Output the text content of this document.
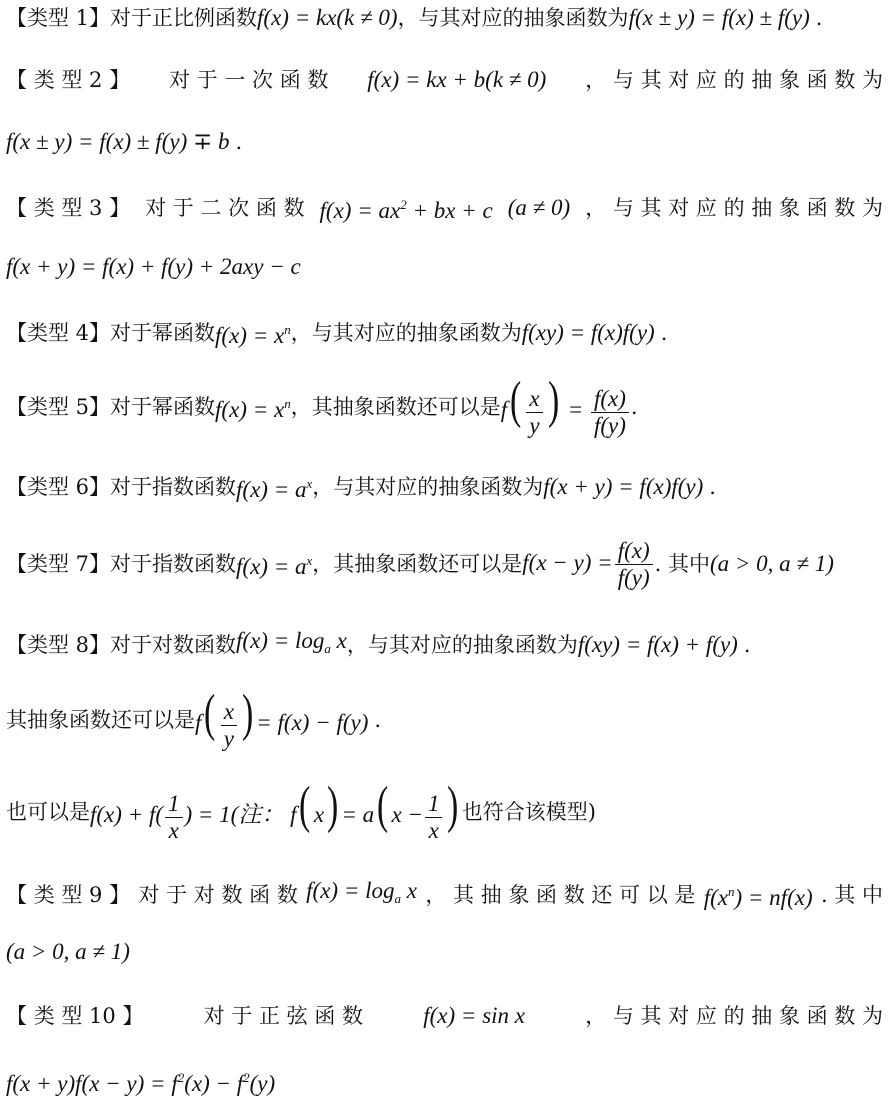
【 类型 1 】 对于正比例函数 f(x) = kx(k ≠ 0) ，与其对应的抽象函数为 f(x ± y) = f(x) ± f(y) .
【 类 型 2 】 对 于 一 次 函 数 f(x) = kx + b(k ≠ 0) ， 与 其 对 应 的 抽 象 函 数 为
f(x ± y) = f(x) ± f(y) ∓ b .
【 类 型 3 】 对 于 二 次 函 数 $f(x) = ax^2$ + bx + c (a ≠ 0) ， 与 其 对 应 的 抽 象 函 数 为
f(x + y) = f(x) + f(y) + 2axy − c
【 类型 4 】 对于幂函数 $f(x) = x^n$ ，与其对应的抽象函数为 f(xy) = f(x)f(y) .
【 类型 5 】 对于幂函数 $f(x) = x^n$ ，其抽象函数还可以是 $f( \frac{x}{y}$ ) = $\frac{f(x)}{f(y)}$ .
【 类型 6 】 对于指数函数 $f(x) = a^x$ ，与其对应的抽象函数为 f(x + y) = f(x)f(y) .
【 类型 7 】 对于指数函数 $f(x) = a^x$ ，其抽象函数还可以是 $f(x - y) = \frac{f(x)}{f(y)}$ . 其中 (a > 0, a ≠ 1)
【 类型 8 】 对于对数函数 $f(x) = \log_a x$ ，与其对应的抽象函数为 f(xy) = f(x) + f(y) .
其抽象函数还可以是 $f( \frac{x}{y}$ ) = f(x) − f(y) .
也可以是 $f(x) + f( \frac{1}{x}$ ) = 1(注： f( x) = a( $x - \frac{1}{x}$ ) 也符合该模型)
【 类 型 9 】 对 于 对 数 函 数 $f(x) = \log_a x$ ， 其 抽 象 函 数 还 可 以 是 $f(x^n) = nf(x)$ . 其 中
(a > 0, a ≠ 1)
【 类 型 10 】	对 于 正 弦 函 数	f(x) = sin x	， 与 其 对 应 的 抽 象 函 数 为
$f(x + y)f(x - y) = f^2(x) - f^2(y)$
